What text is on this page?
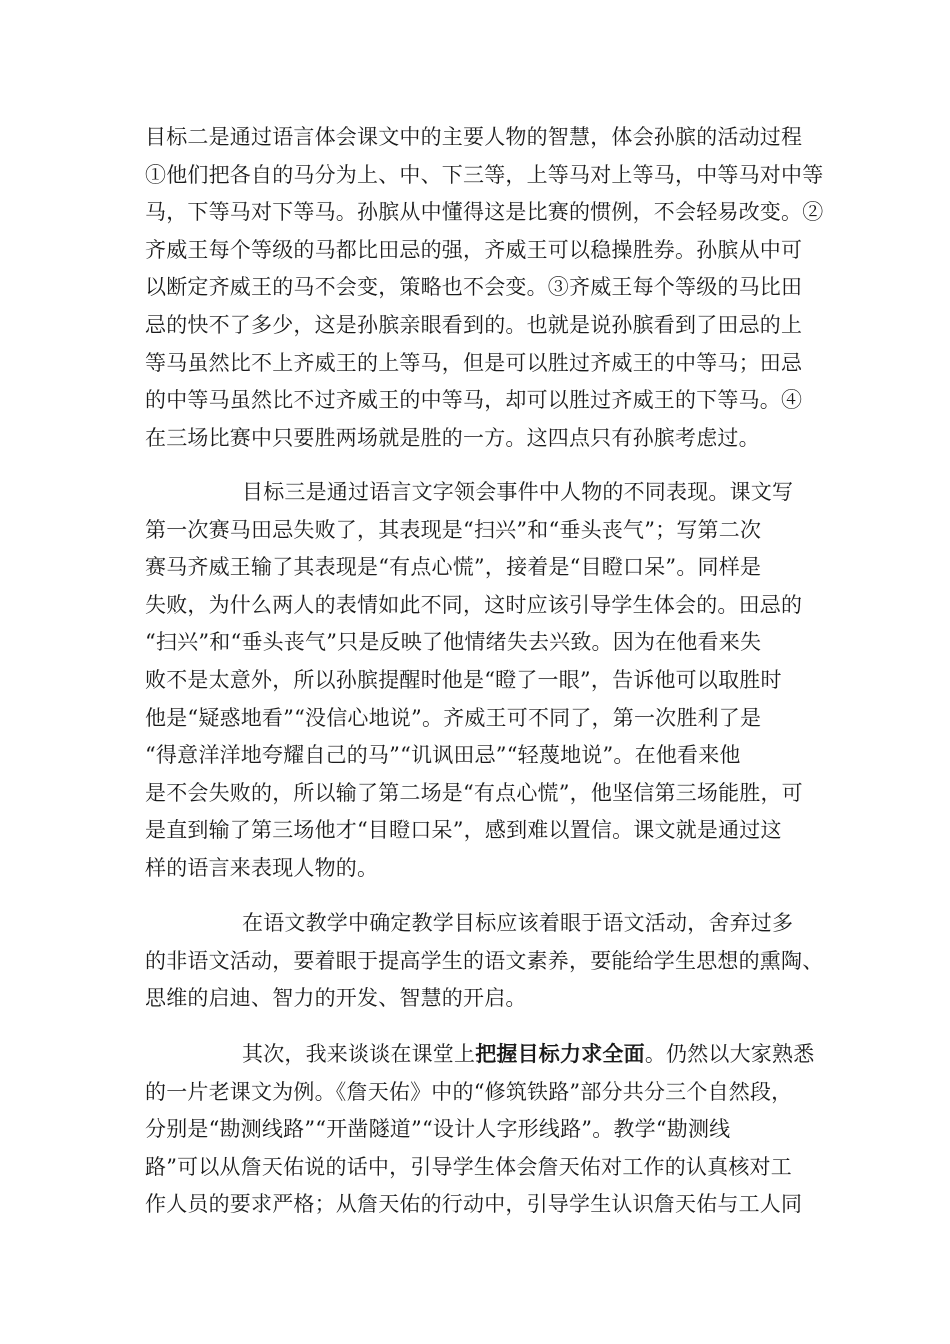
目标二是通过语言体会课文中的主要人物的智慧，体会孙膑的活动过程
①他们把各自的马分为上、中、下三等，上等马对上等马，中等马对中等
马，下等马对下等马。孙膑从中懂得这是比赛的惯例，不会轻易改变。②
齐威王每个等级的马都比田忌的强，齐威王可以稳操胜券。孙膑从中可
以断定齐威王的马不会变，策略也不会变。③齐威王每个等级的马比田
忌的快不了多少，这是孙膑亲眼看到的。也就是说孙膑看到了田忌的上
等马虽然比不上齐威王的上等马，但是可以胜过齐威王的中等马；田忌
的中等马虽然比不过齐威王的中等马，却可以胜过齐威王的下等马。④
在三场比赛中只要胜两场就是胜的一方。这四点只有孙膑考虑过。
目标三是通过语言文字领会事件中人物的不同表现。课文写
第一次赛马田忌失败了，其表现是“扫兴”和“垂头丧气”；写第二次
赛马齐威王输了其表现是“有点心慌”，接着是“目瞪口呆”。同样是
失败，为什么两人的表情如此不同，这时应该引导学生体会的。田忌的
“扫兴”和“垂头丧气”只是反映了他情绪失去兴致。因为在他看来失
败不是太意外，所以孙膑提醒时他是“瞪了一眼”，告诉他可以取胜时
他是“疑惑地看”“没信心地说”。齐威王可不同了，第一次胜利了是
“得意洋洋地夸耀自己的马”“讥讽田忌”“轻蔑地说”。在他看来他
是不会失败的，所以输了第二场是“有点心慌”，他坚信第三场能胜，可
是直到输了第三场他才“目瞪口呆”，感到难以置信。课文就是通过这
样的语言来表现人物的。
在语文教学中确定教学目标应该着眼于语文活动，舍弃过多
的非语文活动，要着眼于提高学生的语文素养，要能给学生思想的熏陶、
思维的启迪、智力的开发、智慧的开启。
其次，我来谈谈在课堂上把握目标力求全面。仍然以大家熟悉
的一片老课文为例。《詹天佑》中的“修筑铁路”部分共分三个自然段，
分别是“勘测线路”“开凿隧道”“设计人字形线路”。教学“勘测线
路”可以从詹天佑说的话中，引导学生体会詹天佑对工作的认真核对工
作人员的要求严格；从詹天佑的行动中，引导学生认识詹天佑与工人同
